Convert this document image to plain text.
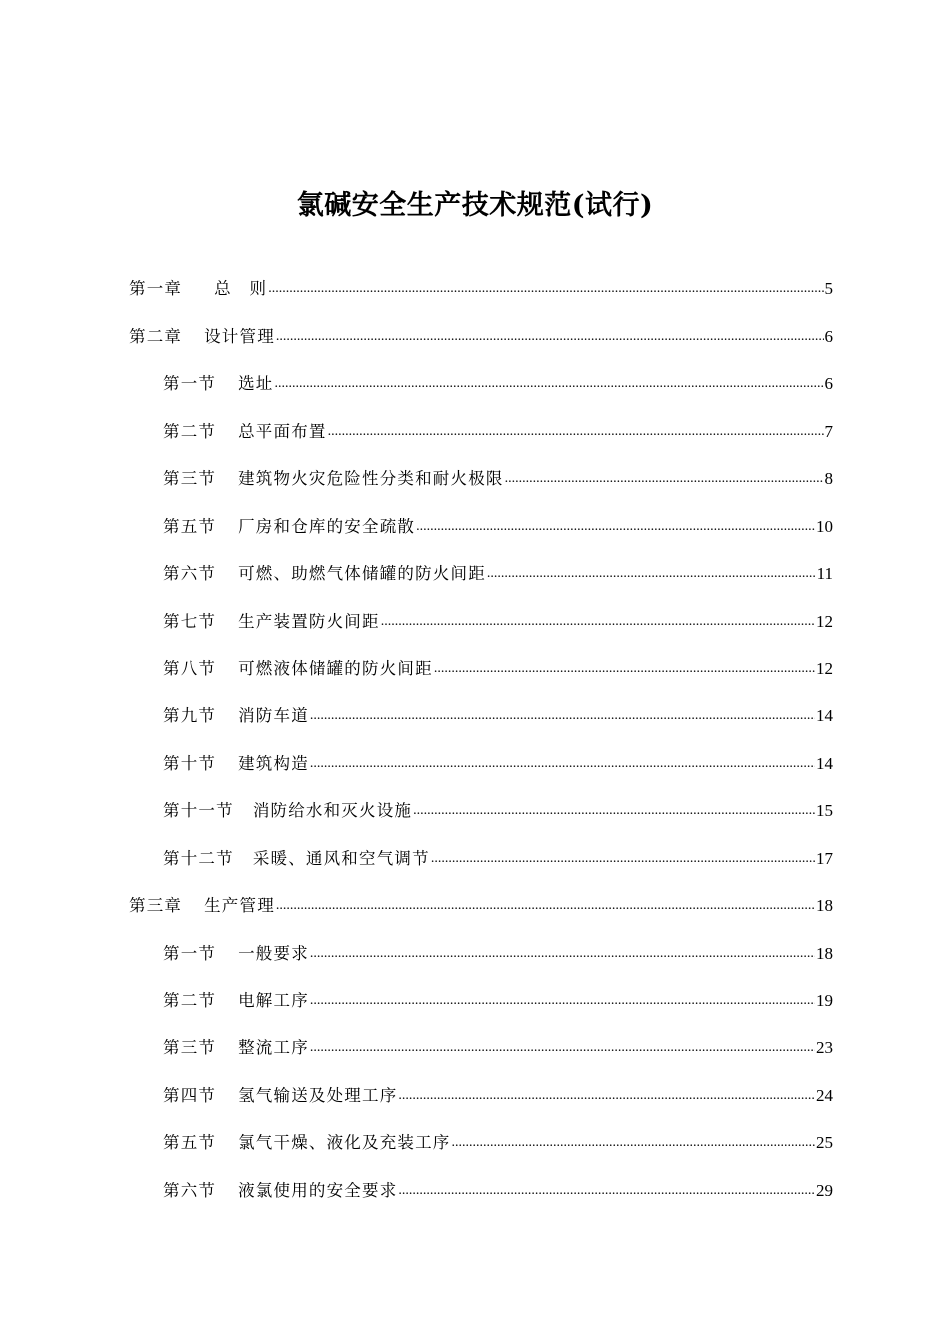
氯碱安全生产技术规范(试行)
第一章 总　则 .....	5
第二章 设计管理 .....	6
第一节 选址 .....	6
第二节 总平面布置 .....	7
第三节 建筑物火灾危险性分类和耐火极限 .....	8
第五节 厂房和仓库的安全疏散 .....	10
第六节 可燃、助燃气体储罐的防火间距 .....	11
第七节 生产装置防火间距 .....	12
第八节 可燃液体储罐的防火间距 .....	12
第九节 消防车道 .....	14
第十节 建筑构造 .....	14
第十一节 消防给水和灭火设施 .....	15
第十二节 采暖、通风和空气调节 .....	17
第三章 生产管理 .....	18
第一节 一般要求 .....	18
第二节 电解工序 .....	19
第三节 整流工序 .....	23
第四节 氢气输送及处理工序 .....	24
第五节 氯气干燥、液化及充装工序 .....	25
第六节 液氯使用的安全要求 .....	29
